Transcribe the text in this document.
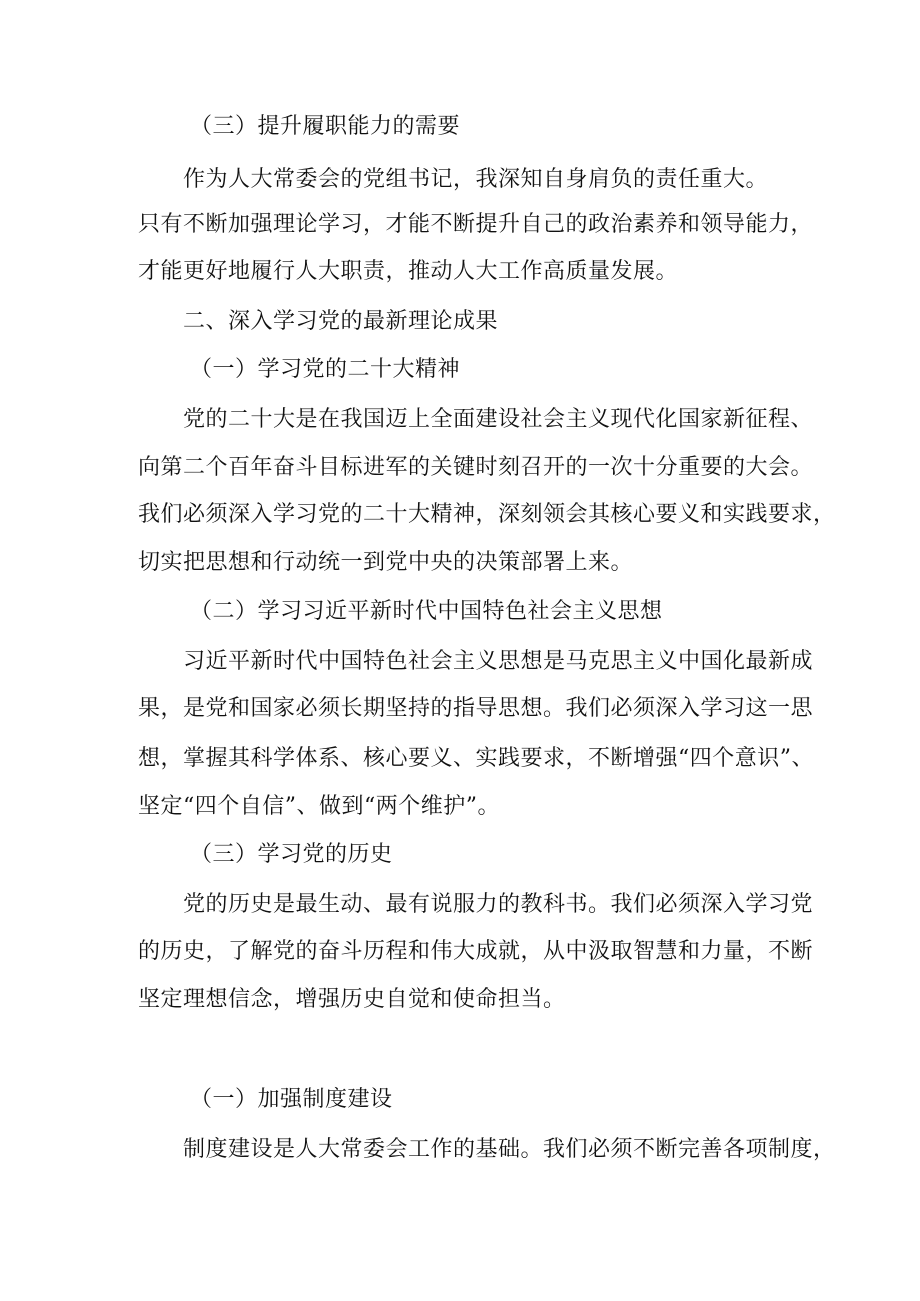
（三）提升履职能力的需要
作为人大常委会的党组书记，我深知自身肩负的责任重大。
只有不断加强理论学习，才能不断提升自己的政治素养和领导能力，
才能更好地履行人大职责，推动人大工作高质量发展。
二、深入学习党的最新理论成果
（一）学习党的二十大精神
党的二十大是在我国迈上全面建设社会主义现代化国家新征程、
向第二个百年奋斗目标进军的关键时刻召开的一次十分重要的大会。
我们必须深入学习党的二十大精神，深刻领会其核心要义和实践要求，
切实把思想和行动统一到党中央的决策部署上来。
（二）学习习近平新时代中国特色社会主义思想
习近平新时代中国特色社会主义思想是马克思主义中国化最新成
果，是党和国家必须长期坚持的指导思想。我们必须深入学习这一思
想，掌握其科学体系、核心要义、实践要求，不断增强“四个意识”、
坚定“四个自信”、做到“两个维护”。
（三）学习党的历史
党的历史是最生动、最有说服力的教科书。我们必须深入学习党
的历史，了解党的奋斗历程和伟大成就，从中汲取智慧和力量，不断
坚定理想信念，增强历史自觉和使命担当。
（一）加强制度建设
制度建设是人大常委会工作的基础。我们必须不断完善各项制度，
